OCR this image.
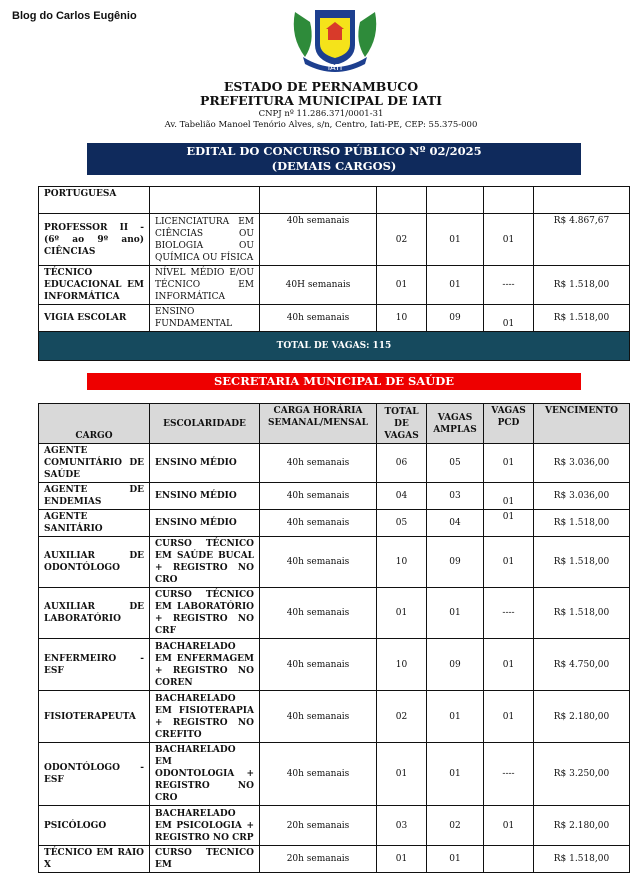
Blog do Carlos Eugênio
IATI
ESTADO DE PERNAMBUCO
PREFEITURA MUNICIPAL DE IATI
CNPJ nº 11.286.371/0001-31
Av. Tabelião Manoel Tenório Alves, s/n, Centro, Iati-PE, CEP: 55.375-000
EDITAL DO CONCURSO PÚBLICO Nº 02/2025
(DEMAIS CARGOS)
PORTUGUESA						
PROFESSOR II - (6º ao 9º ano) CIÊNCIAS	LICENCIATURA EM CIÊNCIAS OU BIOLOGIA OU QUÍMICA OU FÍSICA	40h semanais	02	01	01	R$ 4.867,67
TÉCNICO EDUCACIONAL EM INFORMÁTICA	NÍVEL MÉDIO E/OU TÉCNICO EM INFORMÁTICA	40H semanais	01	01	----	R$ 1.518,00
VIGIA ESCOLAR	ENSINO FUNDAMENTAL	40h semanais	10	09	01	R$ 1.518,00
TOTAL DE VAGAS: 115						
SECRETARIA MUNICIPAL DE SAÚDE
CARGO	ESCOLARIDADE	CARGA HORÁRIA SEMANAL/MENSAL	TOTAL DE VAGAS	VAGAS AMPLAS	VAGAS PCD	VENCIMENTO
AGENTE COMUNITÁRIO DE SAÚDE	ENSINO MÉDIO	40h semanais	06	05	01	R$ 3.036,00
AGENTE DE ENDEMIAS	ENSINO MÉDIO	40h semanais	04	03	01	R$ 3.036,00
AGENTE SANITÁRIO	ENSINO MÉDIO	40h semanais	05	04	01	R$ 1.518,00
AUXILIAR DE ODONTÓLOGO	CURSO TÉCNICO EM SAÚDE BUCAL + REGISTRO NO CRO	40h semanais	10	09	01	R$ 1.518,00
AUXILIAR DE LABORATÓRIO	CURSO TÉCNICO EM LABORATÓRIO + REGISTRO NO CRF	40h semanais	01	01	----	R$ 1.518,00
ENFERMEIRO - ESF	BACHARELADO EM ENFERMAGEM + REGISTRO NO COREN	40h semanais	10	09	01	R$ 4.750,00
FISIOTERAPEUTA	BACHARELADO EM FISIOTERAPIA + REGISTRO NO CREFITO	40h semanais	02	01	01	R$ 2.180,00
ODONTÓLOGO - ESF	BACHARELADO EM ODONTOLOGIA + REGISTRO NO CRO	40h semanais	01	01	----	R$ 3.250,00
PSICÓLOGO	BACHARELADO EM PSICOLOGIA + REGISTRO NO CRP	20h semanais	03	02	01	R$ 2.180,00
TÉCNICO EM RAIO X	CURSO TECNICO EM	20h semanais	01	01		R$ 1.518,00
